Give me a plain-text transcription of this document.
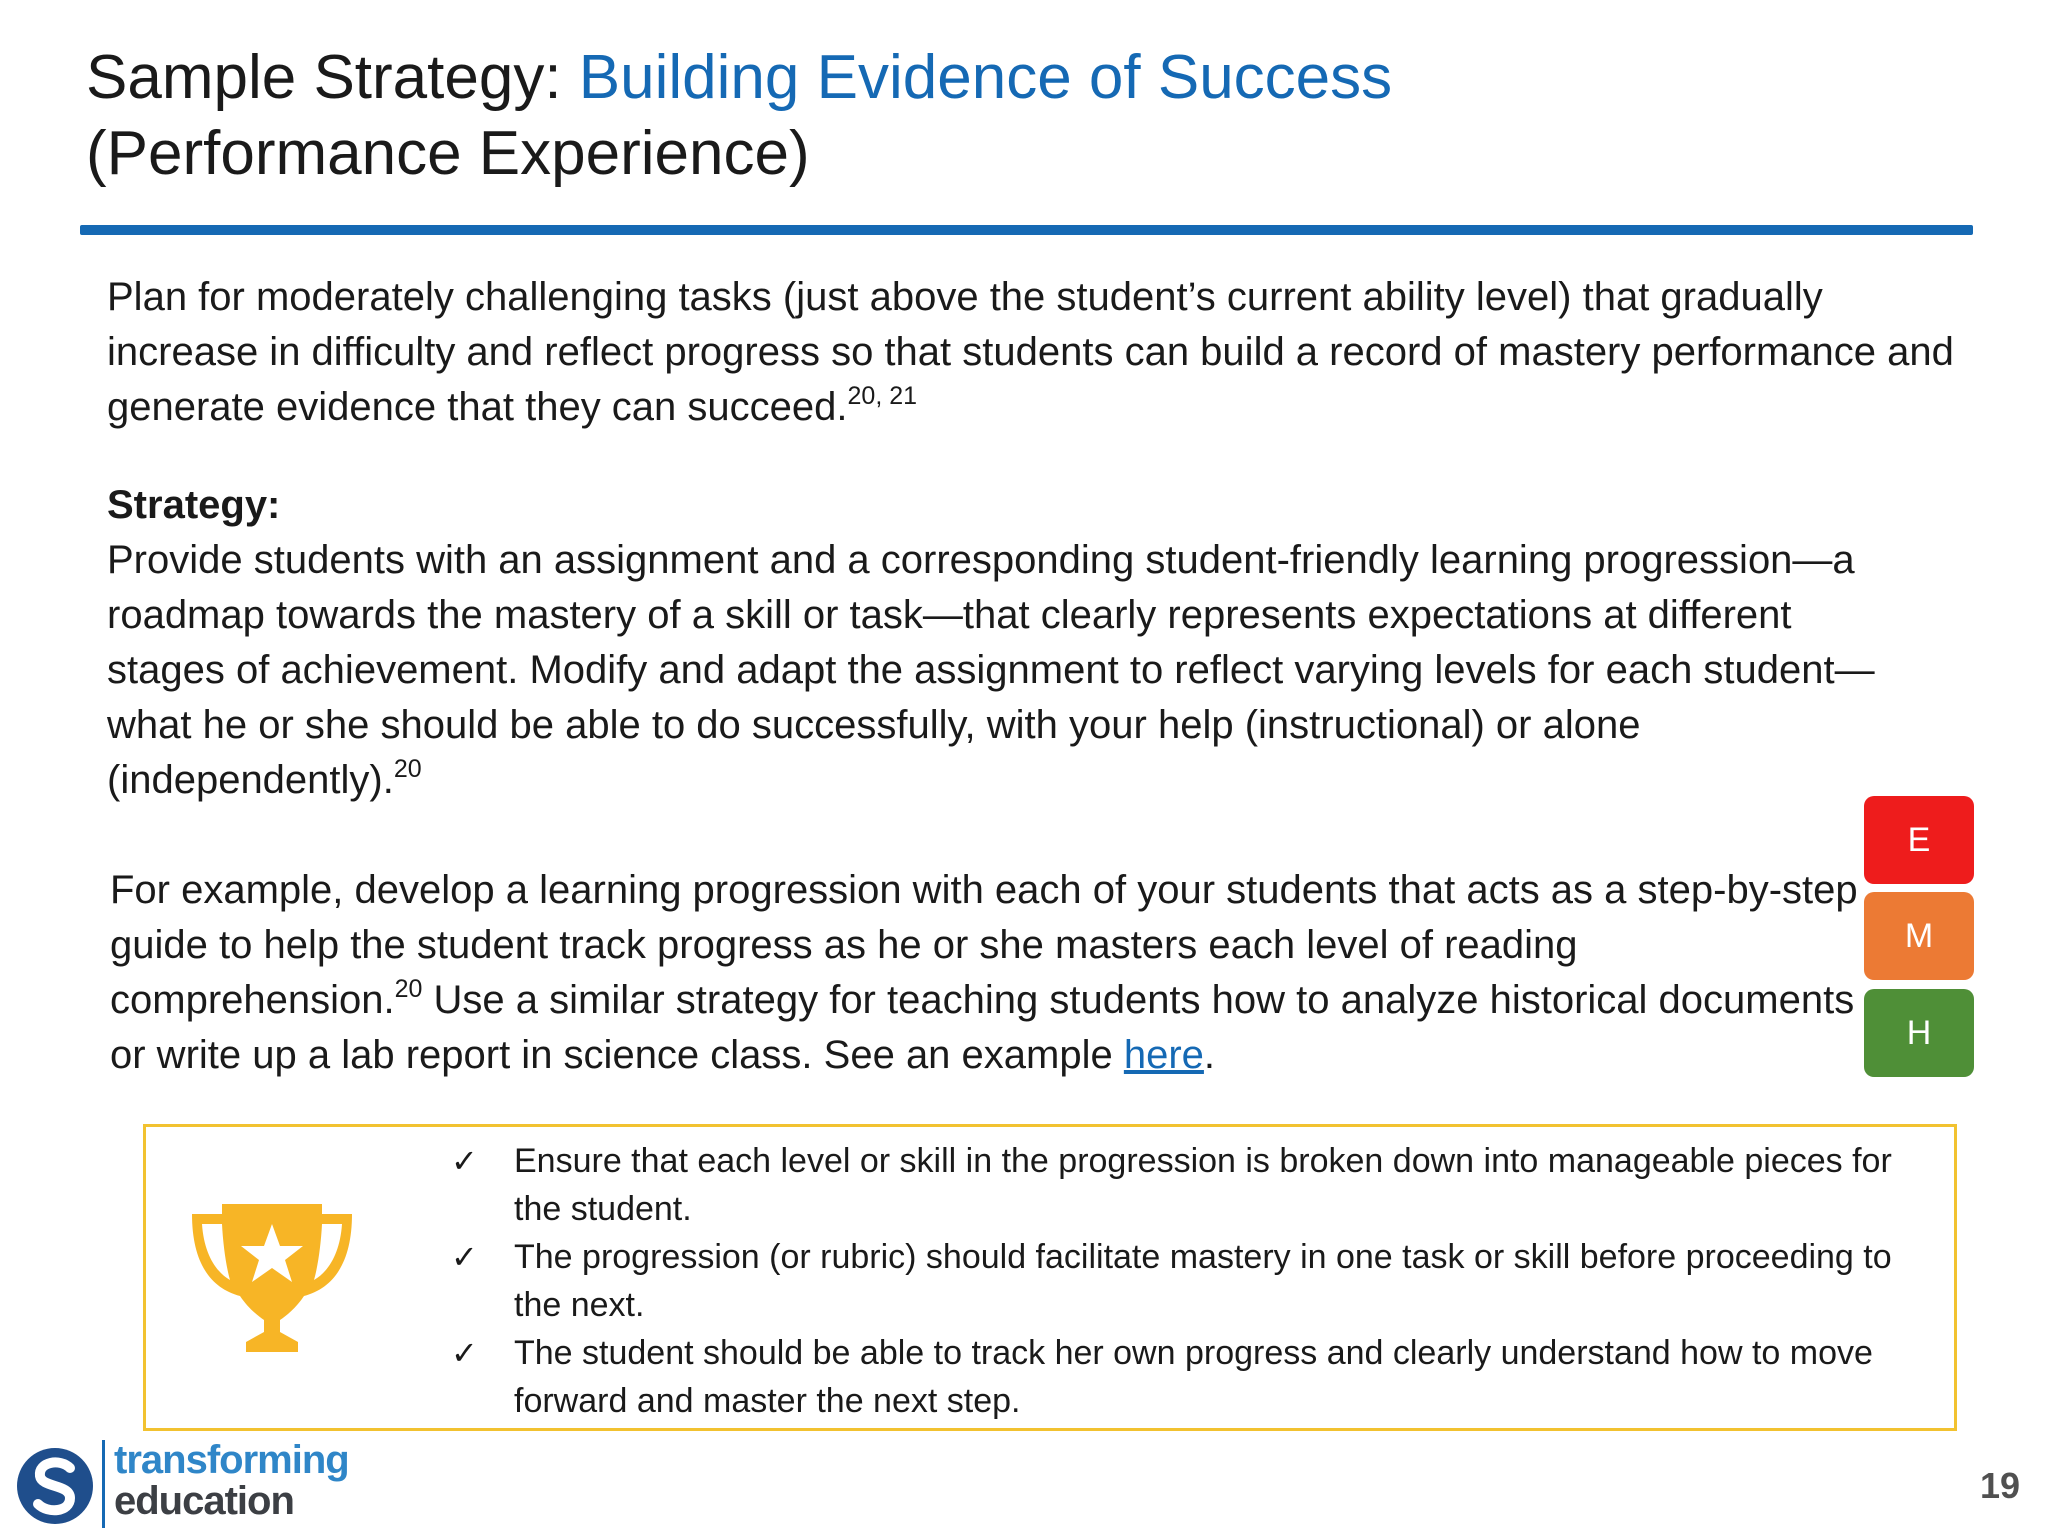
Sample Strategy: Building Evidence of Success
(Performance Experience)

Plan for moderately challenging tasks (just above the student’s current ability level) that gradually increase in difficulty and reflect progress so that students can build a record of mastery performance and generate evidence that they can succeed.$^{20, 21}$

Strategy:

Provide students with an assignment and a corresponding student-friendly learning progression—a roadmap towards the mastery of a skill or task—that clearly represents expectations at different stages of achievement. Modify and adapt the assignment to reflect varying levels for each student—what he or she should be able to do successfully, with your help (instructional) or alone (independently).$^{20}$

For example, develop a learning progression with each of your students that acts as a step-by-step guide to help the student track progress as he or she masters each level of reading comprehension.$^{20}$ Use a similar strategy for teaching students how to analyze historical documents or write up a lab report in science class. See an example here.

E
M
H
✓ Ensure that each level or skill in the progression is broken down into manageable pieces for the student.
✓ The progression (or rubric) should facilitate mastery in one task or skill before proceeding to the next.
✓ The student should be able to track her own progress and clearly understand how to move forward and master the next step.
transforming
education	19
